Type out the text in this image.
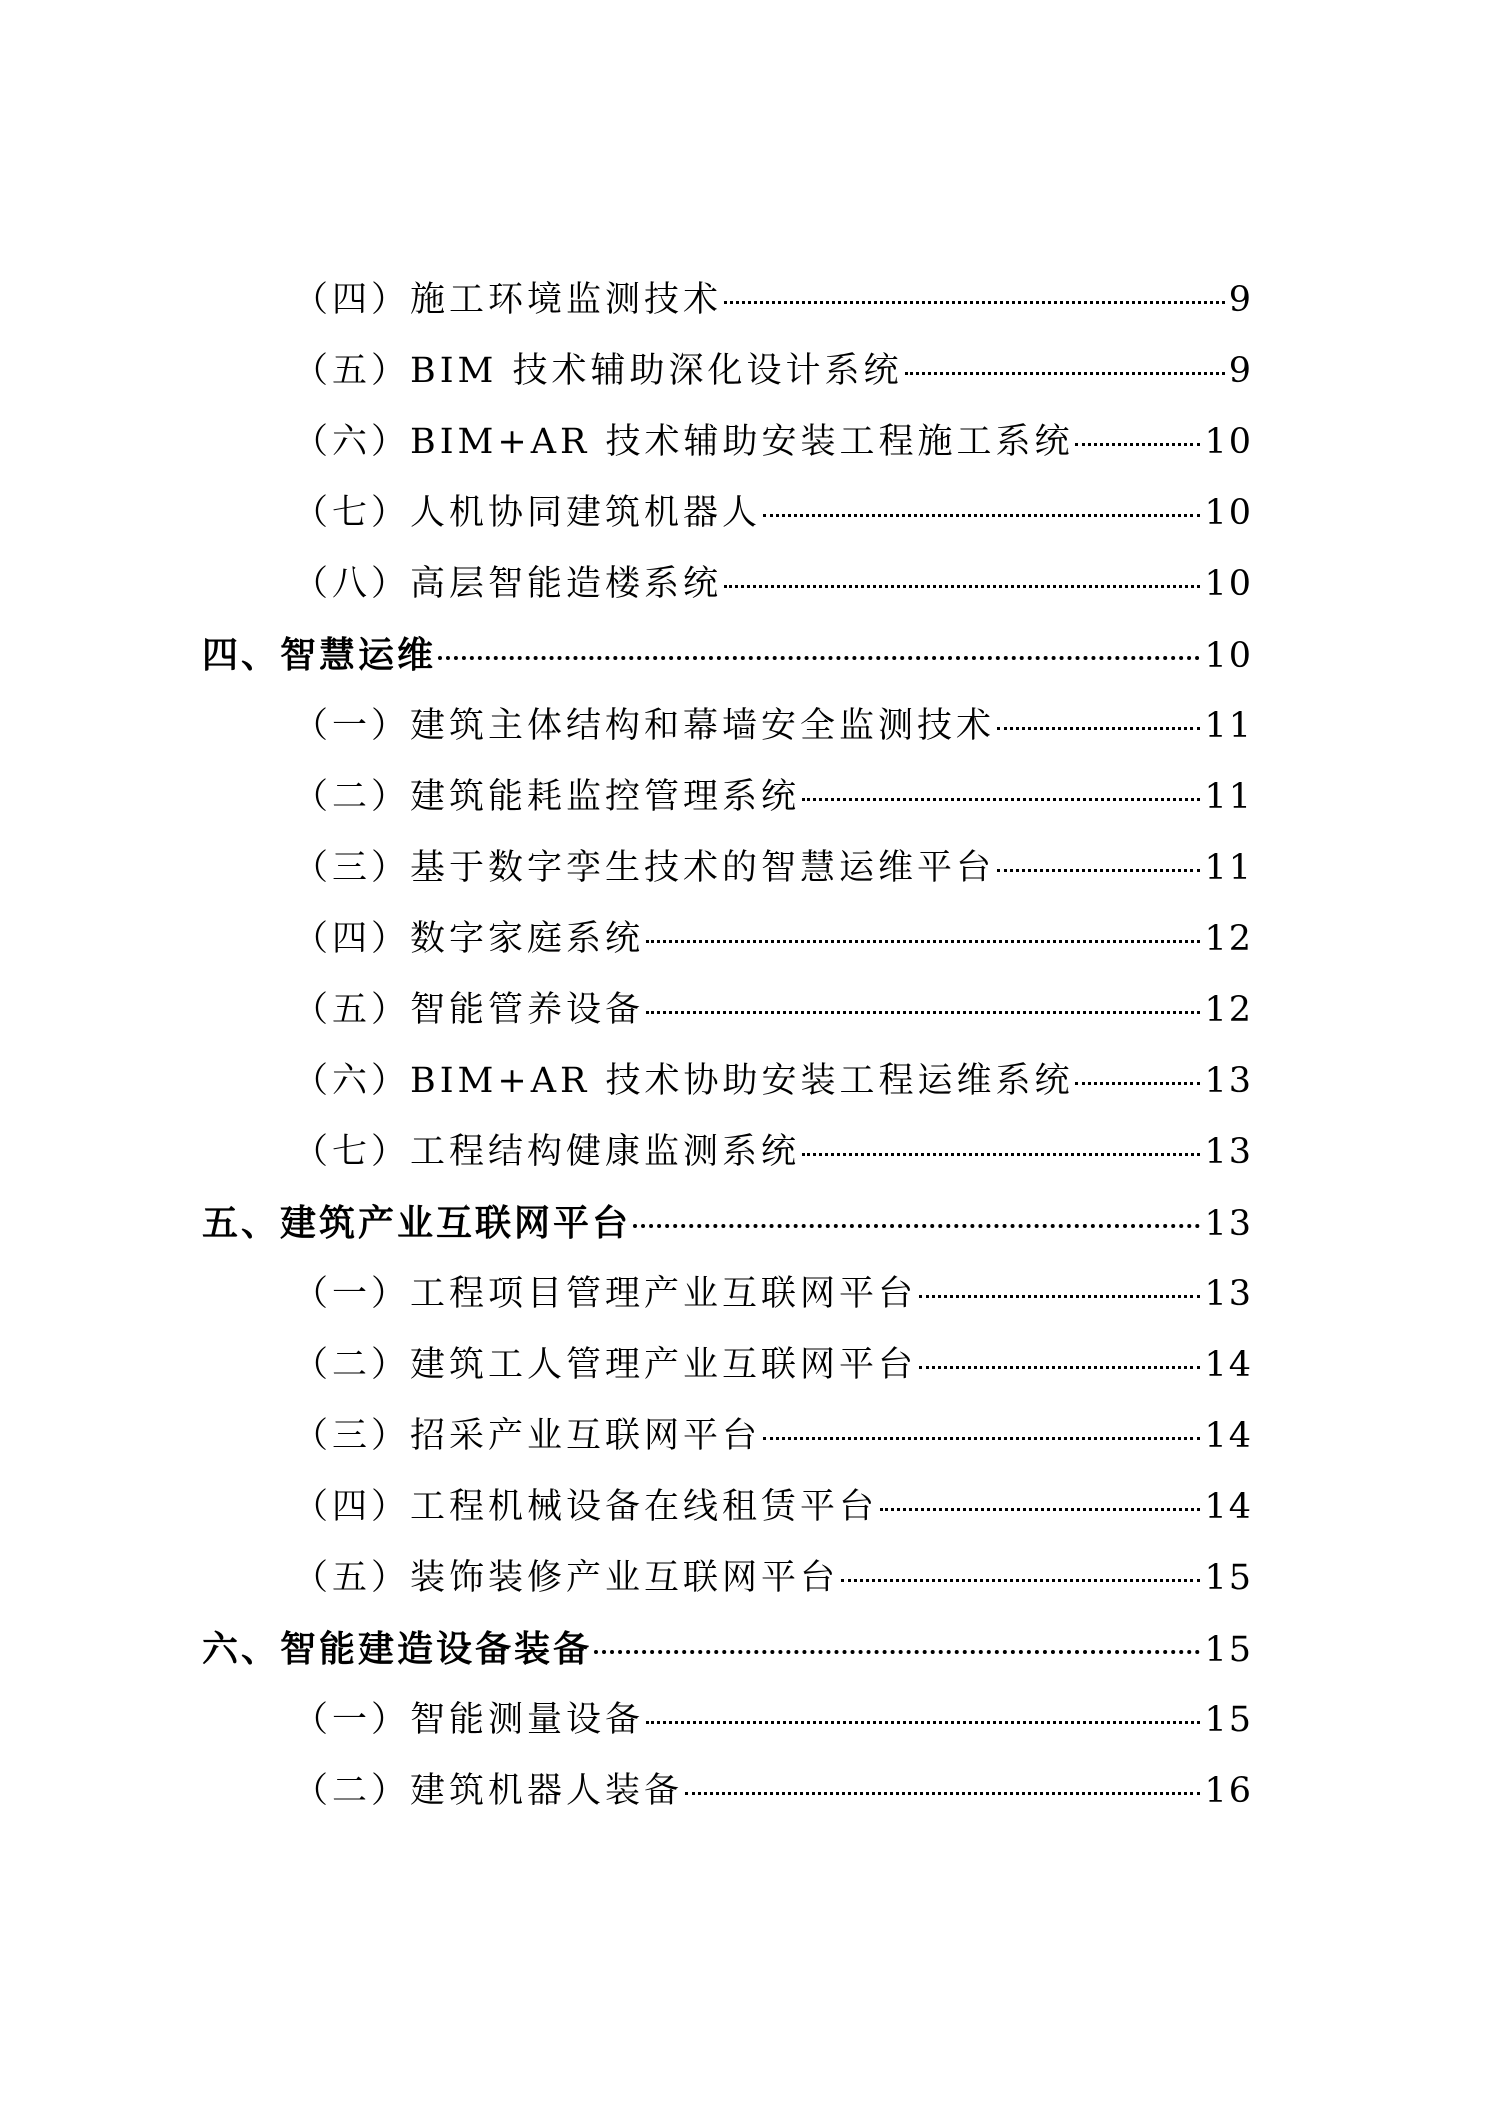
（四）施工环境监测技术	9
（五）BIM 技术辅助深化设计系统	9
（六）BIM+AR 技术辅助安装工程施工系统	10
（七）人机协同建筑机器人	10
（八）高层智能造楼系统	10
四、智慧运维	10
（一）建筑主体结构和幕墙安全监测技术	11
（二）建筑能耗监控管理系统	11
（三）基于数字孪生技术的智慧运维平台	11
（四）数字家庭系统	12
（五）智能管养设备	12
（六）BIM+AR 技术协助安装工程运维系统	13
（七）工程结构健康监测系统	13
五、建筑产业互联网平台	13
（一）工程项目管理产业互联网平台	13
（二）建筑工人管理产业互联网平台	14
（三）招采产业互联网平台	14
（四）工程机械设备在线租赁平台	14
（五）装饰装修产业互联网平台	15
六、智能建造设备装备	15
（一）智能测量设备	15
（二）建筑机器人装备	16
